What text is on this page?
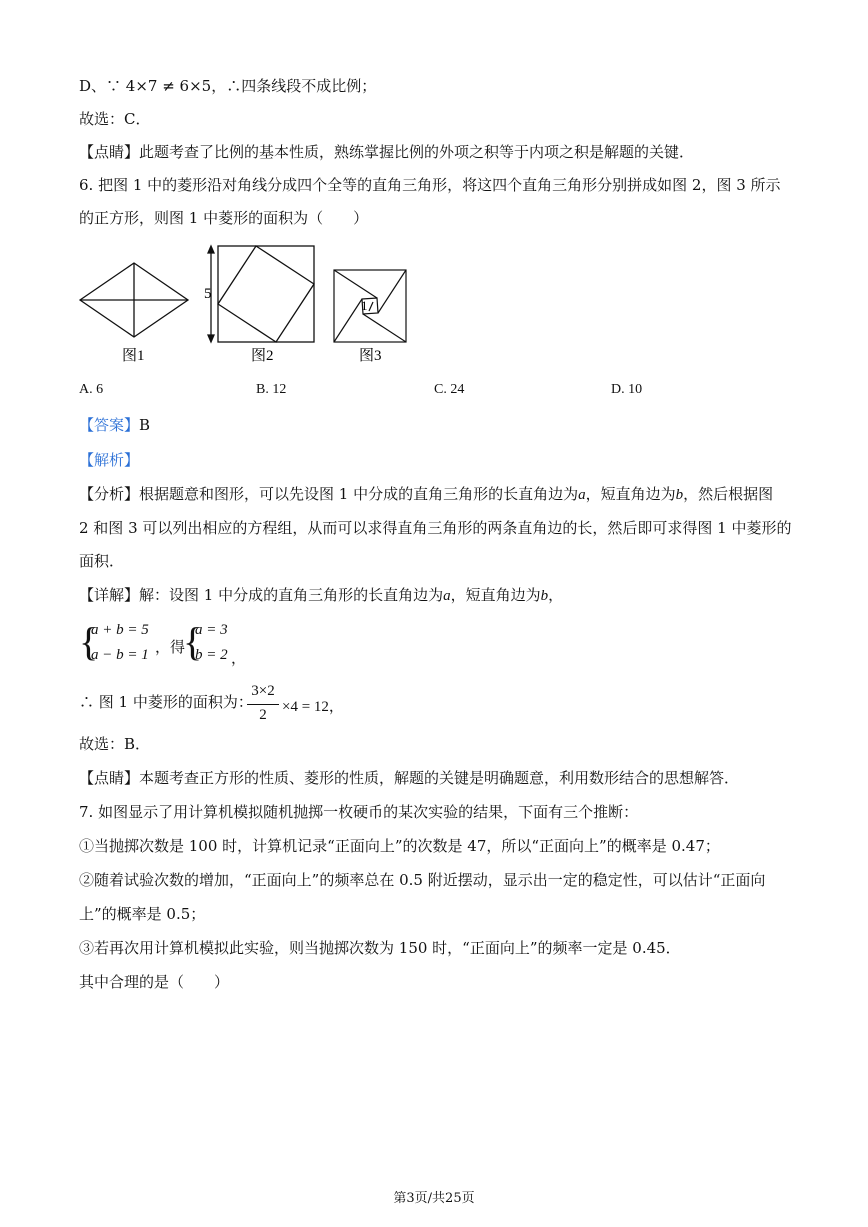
D、∵ 4×7 ≠ 6×5，∴四条线段不成比例；
故选：C．
【点睛】此题考查了比例的基本性质，熟练掌握比例的外项之积等于内项之积是解题的关键．
6. 把图 1 中的菱形沿对角线分成四个全等的直角三角形，将这四个直角三角形分别拼成如图 2，图 3 所示
的正方形，则图 1 中菱形的面积为（　　）
图1
5
图2
1
图3
A. 6	B. 12	C. 24	D. 10
【答案】B
【解析】
【分析】根据题意和图形，可以先设图 1 中分成的直角三角形的长直角边为a，短直角边为b，然后根据图
2 和图 3 可以列出相应的方程组，从而可以求得直角三角形的两条直角边的长，然后即可求得图 1 中菱形的
面积．
【详解】解：设图 1 中分成的直角三角形的长直角边为a，短直角边为b，
{
a + b = 5
a − b = 1 ，得
{
a = 3
b = 2 ，
∴ 图 1 中菱形的面积为：
3×2
2	×4 = 12，
故选：B．
【点睛】本题考查正方形的性质、菱形的性质，解题的关键是明确题意，利用数形结合的思想解答．
7. 如图显示了用计算机模拟随机抛掷一枚硬币的某次实验的结果，下面有三个推断：
①当抛掷次数是 100 时，计算机记录“正面向上”的次数是 47，所以“正面向上”的概率是 0.47；
②随着试验次数的增加，“正面向上”的频率总在 0.5 附近摆动，显示出一定的稳定性，可以估计“正面向
上”的概率是 0.5；
③若再次用计算机模拟此实验，则当抛掷次数为 150 时，“正面向上”的频率一定是 0.45．
其中合理的是（　　）
第3页/共25页
